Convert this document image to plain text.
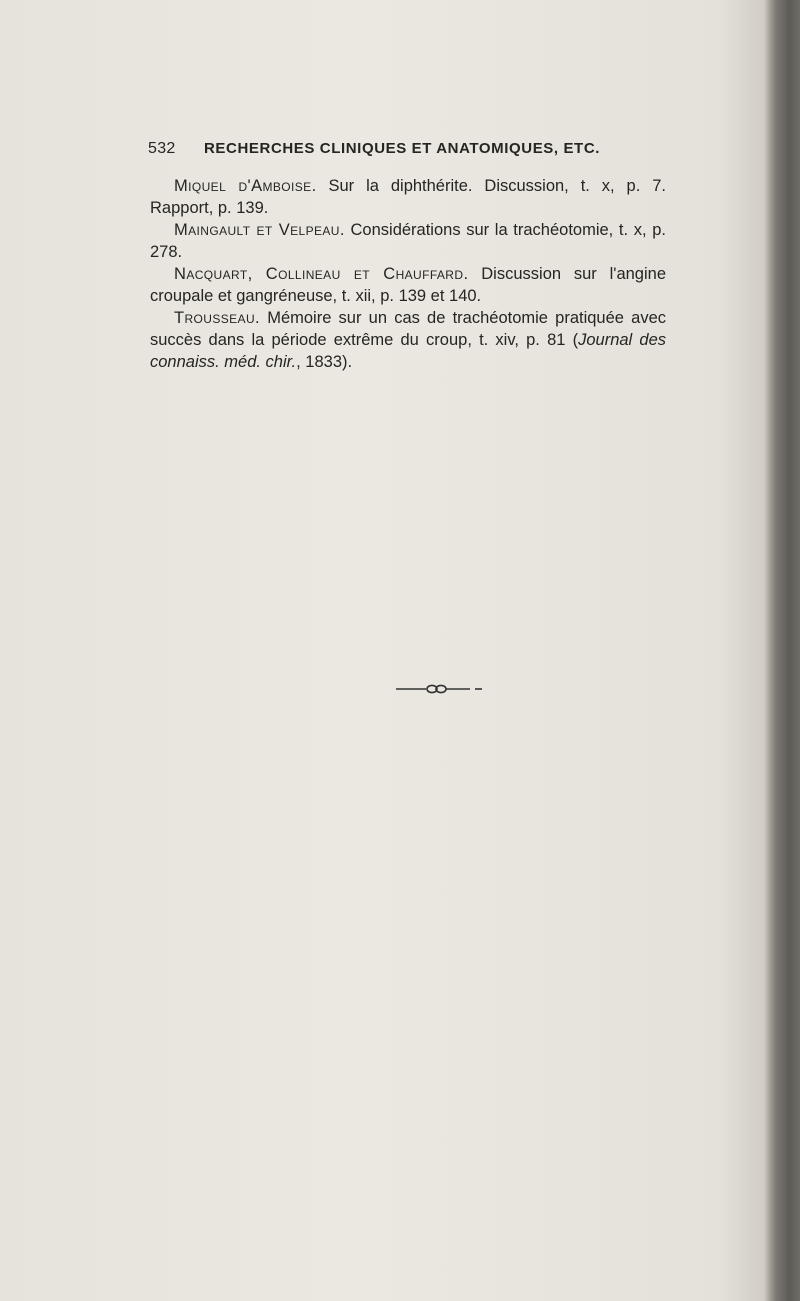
532 RECHERCHES CLINIQUES ET ANATOMIQUES, ETC.

Miquel d'Amboise. Sur la diphthérite. Discussion, t. x, p. 7. Rapport, p. 139.

Maingault et Velpeau. Considérations sur la trachéotomie, t. x, p. 278.

Nacquart, Collineau et Chauffard. Discussion sur l'angine croupale et gangréneuse, t. xii, p. 139 et 140.

Trousseau. Mémoire sur un cas de trachéotomie pratiquée avec succès dans la période extrême du croup, t. xiv, p. 81 (Journal des connaiss. méd. chir., 1833).
